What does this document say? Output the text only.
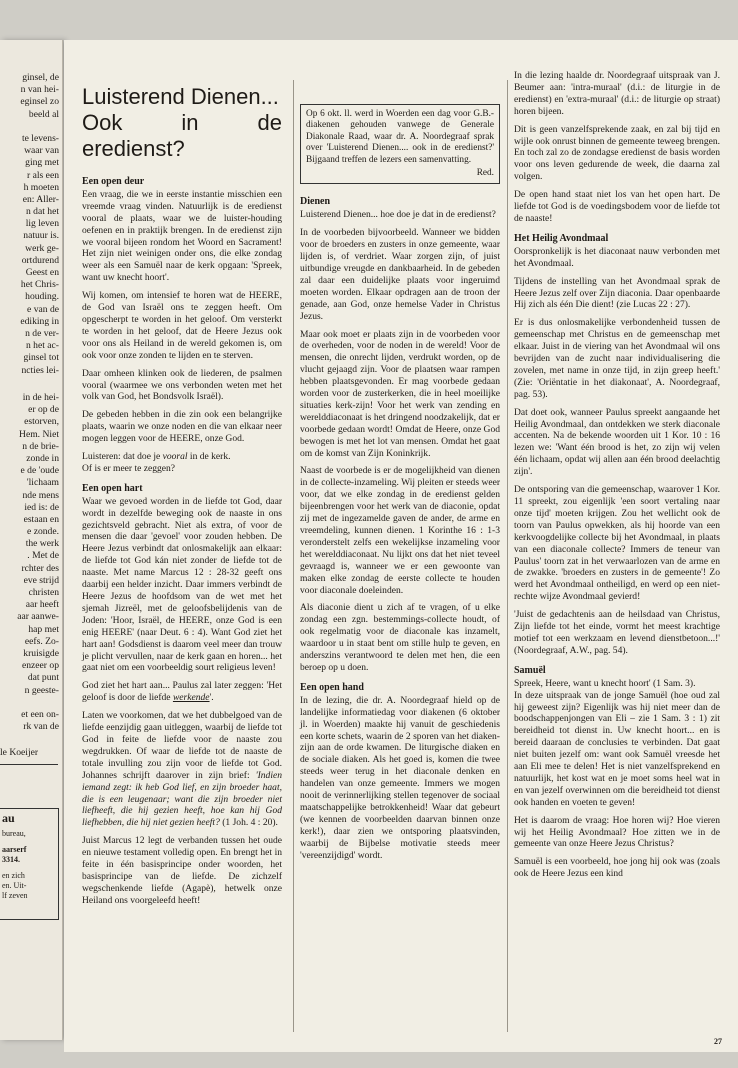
ginsel, de
n van hei-
eginsel zo
beeld al
te levens-
waar van
ging met
r als een
h moeten
en: Aller-
n dat het
lig leven
natuur is.
werk ge-
ortdurend
Geest en
het Chris-
houding.
e van de
ediking in
n de ver-
n het ac-
ginsel tot
ncties lei-
in de hei-
er op de
estorven,
Hem. Niet
n de brie-
zonde in
e de 'oude
'lichaam
nde mens
ied is: de
estaan en
e zonde.
the werk
. Met de
rchter des
eve strijd
christen
aar heeft
aar aanwe-
hap met
eefs. Zo-
kruisigde
enzeer op
dat punt
n geeste-
et een on-
rk van de
le Koeijer
au
bureau,
aarserf
3314.
en zich
en. Uit-
lf zeven
Luisterend Dienen...
Ook in de eredienst?
Een open deur

Een vraag, die we in eerste instantie misschien een vreemde vraag vinden. Natuurlijk is de eredienst vooral de plaats, waar we de luister-houding oefenen en in praktijk brengen. In de eredienst zijn we vooral bijeen rondom het Woord en Sacrament! Het zijn niet weinigen onder ons, die elke zondag weer als een Samuël naar de kerk opgaan: 'Spreek, want uw knecht hoort'.

Wij komen, om intensief te horen wat de HEERE, de God van Israël ons te zeggen heeft. Om opgescherpt te worden in het geloof. Om versterkt te worden in het geloof, dat de Heere Jezus ook voor ons als Heiland in de wereld gekomen is, om ook voor onze zonden te lijden en te sterven.

Daar omheen klinken ook de liederen, de psalmen vooral (waarmee we ons verbonden weten met het volk van God, het Bondsvolk Israël).

De gebeden hebben in die zin ook een belangrijke plaats, waarin we onze noden en die van elkaar neer mogen leggen voor de HEERE, onze God.

Luisteren: dat doe je vooral in de kerk.

Of is er meer te zeggen?

Een open hart

Waar we gevoed worden in de liefde tot God, daar wordt in dezelfde beweging ook de naaste in ons gezichtsveld gebracht. Niet als extra, of voor de mensen die daar 'gevoel' voor zouden hebben. De Heere Jezus verbindt dat onlosmakelijk aan elkaar: de liefde tot God kán niet zonder de liefde tot de naaste. Met name Marcus 12 : 28-32 geeft ons daarbij een helder inzicht. Daar immers verbindt de Heere Jezus de hoofdsom van de wet met het sjemah Jizreël, met de geloofsbelijdenis van de Joden: 'Hoor, Israël, de HEERE, onze God is een enig HEERE' (naar Deut. 6 : 4). Want God ziet het hart aan! Godsdienst is daarom veel meer dan trouw je plicht vervullen, naar de kerk gaan en horen... het gaat niet om een voorbeeldig sourt religieus leven!

God ziet het hart aan... Paulus zal later zeggen: 'Het geloof is door de liefde werkende'.

Laten we voorkomen, dat we het dubbelgoed van de liefde eenzijdig gaan uitleggen, waarbij de liefde tot God in feite de liefde voor de naaste zou wegdrukken. Of waar de liefde tot de naaste de totale invulling zou zijn voor de liefde tot God. Johannes schrijft daarover in zijn brief: 'Indien iemand zegt: ik heb God lief, en zijn broeder haat, die is een leugenaar; want die zijn broeder niet liefheeft, die hij gezien heeft, hoe kan hij God liefhebben, die hij niet gezien heeft? (1 Joh. 4 : 20).

Juist Marcus 12 legt de verbanden tussen het oude en nieuwe testament volledig open. En brengt het in feite in één basisprincipe onder woorden, het basisprincipe van de liefde. De zichzelf wegschenkende liefde (Agapè), hetwelk onze Heiland ons voorgeleefd heeft!

Op 6 okt. ll. werd in Woerden een dag voor G.B.-diakenen gehouden vanwege de Generale Diakonale Raad, waar dr. A. Noordegraaf sprak over 'Luisterend Dienen.... ook in de eredienst?' Bijgaand treffen de lezers een samenvatting.
Red.
Dienen

Luisterend Dienen... hoe doe je dat in de eredienst?

In de voorbeden bijvoorbeeld. Wanneer we bidden voor de broeders en zusters in onze gemeente, waar lijden is, of verdriet. Waar zorgen zijn, of juist uitbundige vreugde en dankbaarheid. In de gebeden zal daar een duidelijke plaats voor ingeruimd moeten worden. Elkaar opdragen aan de troon der genade, aan God, onze hemelse Vader in Christus Jezus.

Maar ook moet er plaats zijn in de voorbeden voor de overheden, voor de noden in de wereld! Voor de mensen, die onrecht lijden, verdrukt worden, op de vlucht gejaagd zijn. Voor de plaatsen waar rampen hebben plaatsgevonden. Er mag voorbede gedaan worden voor de zusterkerken, die in heel moeilijke situaties kerk-zijn! Voor het werk van zending en werelddiaconaat is het dringend noodzakelijk, dat er voorbede gedaan wordt! Omdat de Heere, onze God bewogen is met het lot van mensen. Omdat het gaat om de komst van Zijn Koninkrijk.

Naast de voorbede is er de mogelijkheid van dienen in de collecte-inzameling. Wij pleiten er steeds weer voor, dat we elke zondag in de eredienst gelden bijeenbrengen voor het werk van de diaconie, opdat zij met de ingezamelde gaven de ander, de arme en vreemdeling, kunnen dienen. 1 Korinthe 16 : 1-3 veronderstelt zelfs een wekelijkse inzameling voor het werelddiaconaat. Nu lijkt ons dat het niet teveel gevraagd is, wanneer we er een gewoonte van maken elke zondag de eerste collecte te houden voor diaconale doeleinden.

Als diaconie dient u zich af te vragen, of u elke zondag een zgn. bestemmings-collecte houdt, of ook regelmatig voor de diaconale kas inzamelt, waardoor u in staat bent om stille hulp te geven, en anderszins verantwoord te delen met hen, die een beroep op u doen.

Een open hand

In de lezing, die dr. A. Noordegraaf hield op de landelijke informatiedag voor diakenen (6 oktober jl. in Woerden) maakte hij vanuit de geschiedenis een korte schets, waarin de 2 sporen van het diaken-zijn aan de orde kwamen. De liturgische diaken en de sociale diaken. Als het goed is, komen die twee steeds weer terug in het diaconale denken en handelen van onze gemeente. Immers we mogen nooit de verinnerlijking stellen tegenover de sociaal maatschappelijke betrokkenheid! Waar dat gebeurt (we kennen de voorbeelden daarvan binnen onze kerk!), daar zien we ontsporing plaatsvinden, waarbij de Bijbelse motivatie steeds meer 'vereenzijdigd' wordt.

In die lezing haalde dr. Noordegraaf uitspraak van J. Beumer aan: 'intra-muraal' (d.i.: de liturgie in de eredienst) en 'extra-muraal' (d.i.: de liturgie op straat) horen bijeen.

Dit is geen vanzelfsprekende zaak, en zal bij tijd en wijle ook onrust binnen de gemeente teweeg brengen. En toch zal zo de zondagse eredienst de basis worden voor ons leven gedurende de week, die daarna zal volgen.

De open hand staat niet los van het open hart. De liefde tot God is de voedingsbodem voor de liefde tot de naaste!

Het Heilig Avondmaal

Oorspronkelijk is het diaconaat nauw verbonden met het Avondmaal.

Tijdens de instelling van het Avondmaal sprak de Heere Jezus zelf over Zijn diaconia. Daar openbaarde Hij zich als één Die dient! (zie Lucas 22 : 27).

Er is dus onlosmakelijke verbondenheid tussen de gemeenschap met Christus en de gemeenschap met elkaar. Juist in de viering van het Avondmaal wil ons bevrijden van de zucht naar individualisering die zovelen, met name in onze tijd, in zijn greep heeft.' (Zie: 'Oriëntatie in het diakonaat', A. Noordegraaf, pag. 53).

Dat doet ook, wanneer Paulus spreekt aangaande het Heilig Avondmaal, dan ontdekken we sterk diaconale accenten. Na de bekende woorden uit 1 Kor. 10 : 16 lezen we: 'Want één brood is het, zo zijn wij velen één lichaam, opdat wij allen aan één brood deelachtig zijn'.

De ontsporing van die gemeenschap, waarover 1 Kor. 11 spreekt, zou eigenlijk 'een soort vertaling naar onze tijd' moeten krijgen. Zou het wellicht ook de toorn van Paulus opwekken, als hij hoorde van een kerkvoogdelijke collecte bij het Avondmaal, in plaats van een diaconale collecte? Immers de teneur van Paulus' toorn zat in het verwaarlozen van de arme en de zwakke. 'broeders en zusters in de gemeente'! Zo werd het Avondmaal ontheiligd, en werd op een niet-rechte wijze Avondmaal gevierd!

'Juist de gedachtenis aan de heilsdaad van Christus, Zijn liefde tot het einde, vormt het meest krachtige motief tot een werkzaam en levend dienstbetoon...!' (Noordegraaf, A.W., pag. 54).

Samuël

Spreek, Heere, want u knecht hoort' (1 Sam. 3).

In deze uitspraak van de jonge Samuël (hoe oud zal hij geweest zijn? Eigenlijk was hij niet meer dan de boodschappenjongen van Eli – zie 1 Sam. 3 : 1) zit bereidheid tot dienst in. Uw knecht hoort... en is bereid daaraan de conclusies te verbinden. Dat gaat niet buiten jezelf om: want ook Samuël vreesde het aan Eli mee te delen! Het is niet vanzelfsprekend en natuurlijk, het kost wat en je moet soms heel wat in en van jezelf overwinnen om die bereidheid tot dienst ook handen en voeten te geven!

Het is daarom de vraag: Hoe horen wij? Hoe vieren wij het Heilig Avondmaal? Hoe zitten we in de gemeente van onze Heere Jezus Christus?

Samuël is een voorbeeld, hoe jong hij ook was (zoals ook de Heere Jezus een kind

27
